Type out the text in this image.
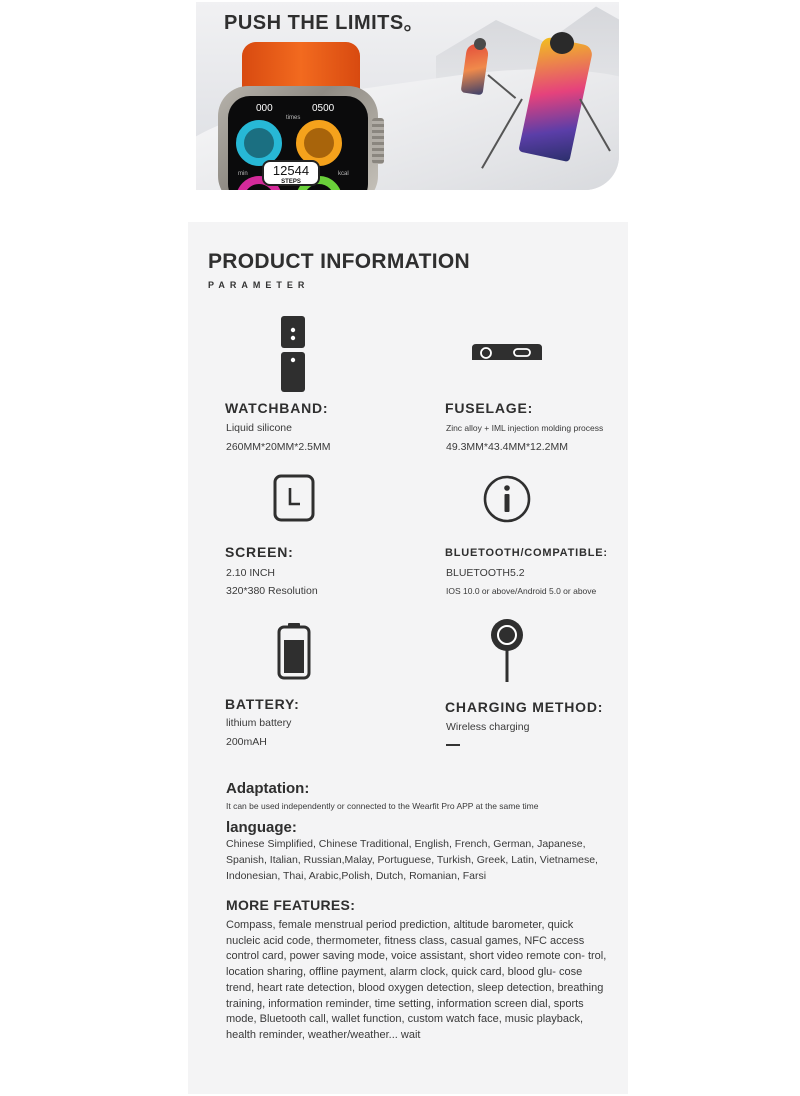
PUSH THE LIMITS。
000	0500
times
min	kcal
12544
STEPS
PRODUCT INFORMATION
PARAMETER
WATCHBAND:
Liquid silicone
260MM*20MM*2.5MM
FUSELAGE:
Zinc alloy + IML injection molding process
49.3MM*43.4MM*12.2MM
SCREEN:
2.10 INCH
320*380 Resolution
BLUETOOTH/COMPATIBLE:
BLUETOOTH5.2
IOS 10.0 or above/Android 5.0 or above
BATTERY:
lithium battery
200mAH
CHARGING METHOD:
Wireless charging
Adaptation:
It can be used independently or connected to the Wearfit Pro APP at the same time
language:
Chinese Simplified, Chinese Traditional, English, French, German, Japanese, Spanish, Italian, Russian,Malay, Portuguese, Turkish, Greek, Latin, Vietnamese, Indonesian, Thai, Arabic,Polish, Dutch, Romanian, Farsi
MORE FEATURES:
Compass, female menstrual period prediction, altitude barometer, quick nucleic acid code, thermometer, fitness class, casual games, NFC access control card, power saving mode, voice assistant, short video remote con- trol, location sharing, offline payment, alarm clock, quick card, blood glu- cose trend, heart rate detection, blood oxygen detection, sleep detection, breathing training, information reminder, time setting, information screen dial, sports mode, Bluetooth call, wallet function, custom watch face, music playback, health reminder, weather/weather... wait
